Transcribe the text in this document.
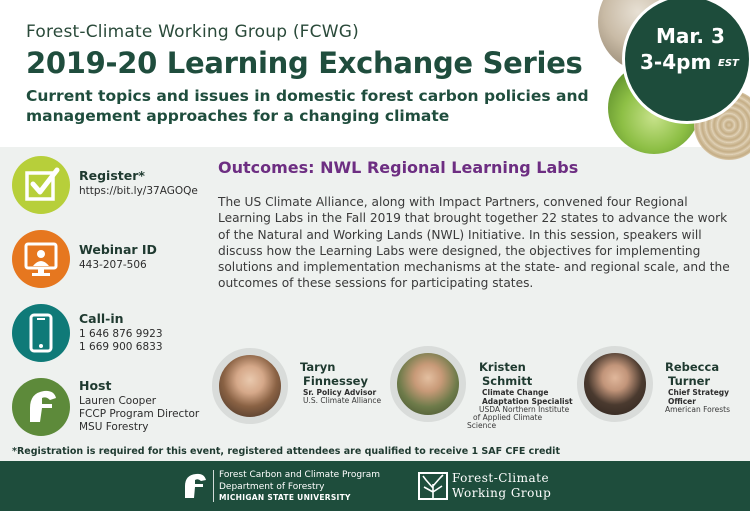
Forest-Climate Working Group (FCWG)
2019-20 Learning Exchange Series
Current topics and issues in domestic forest carbon policies and management approaches for a changing climate
Mar. 3
3-4pm EST
Register*
https://bit.ly/37AGOQe
Webinar ID
443-207-506
Call-in
1 646 876 9923
1 669 900 6833
Host
Lauren Cooper
FCCP Program Director
MSU Forestry
Outcomes: NWL Regional Learning Labs
The US Climate Alliance, along with Impact Partners, convened four Regional Learning Labs in the Fall 2019 that brought together 22 states to advance the work of the Natural and Working Lands (NWL) Initiative. In this session, speakers will discuss how the Learning Labs were designed, the objectives for implementing solutions and implementation mechanisms at the state- and regional scale, and the outcomes of these sessions for participating states.
Taryn
Finnessey
Sr. Policy Advisor
U.S. Climate Alliance
Kristen
Schmitt
Climate Change
Adaptation Specialist
USDA Northern Institute
of Applied Climate
Science
Rebecca
Turner
Chief Strategy
Officer
American Forests
*Registration is required for this event, registered attendees are qualified to receive 1 SAF CFE credit
Forest Carbon and Climate Program
Department of Forestry
MICHIGAN STATE UNIVERSITY
Forest-Climate
Working Group
